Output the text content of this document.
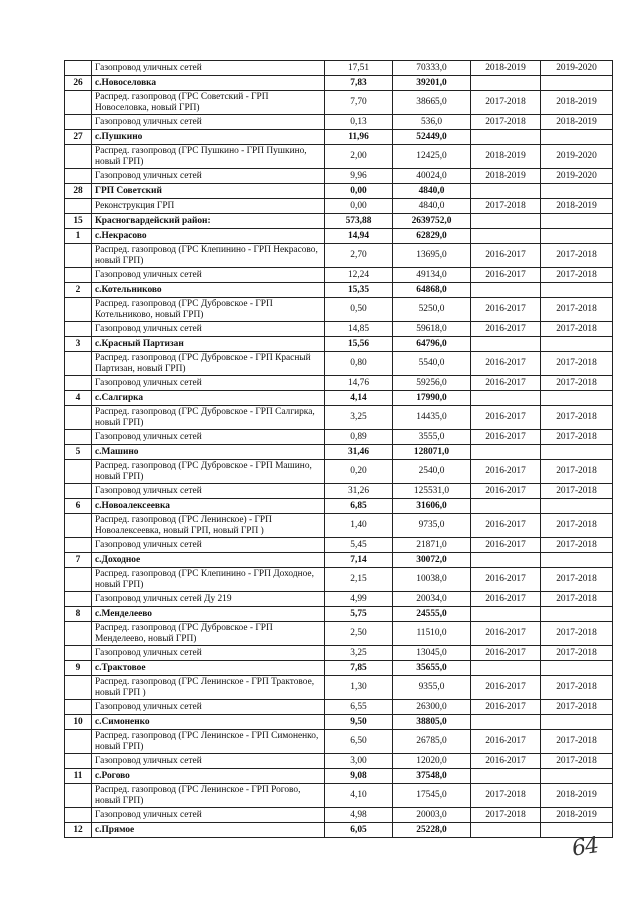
	Газопровод уличных сетей	17,51	70333,0	2018-2019	2019-2020
26	с.Новоселовка	7,83	39201,0		
	Распред. газопровод (ГРС Советский - ГРП Новоселовка, новый ГРП)	7,70	38665,0	2017-2018	2018-2019
	Газопровод уличных сетей	0,13	536,0	2017-2018	2018-2019
27	с.Пушкино	11,96	52449,0		
	Распред. газопровод (ГРС Пушкино - ГРП Пушкино, новый ГРП)	2,00	12425,0	2018-2019	2019-2020
	Газопровод уличных сетей	9,96	40024,0	2018-2019	2019-2020
28	ГРП Советский	0,00	4840,0		
	Реконструкция ГРП	0,00	4840,0	2017-2018	2018-2019
15	Красногвардейский район:	573,88	2639752,0		
1	с.Некрасово	14,94	62829,0		
	Распред. газопровод (ГРС Клепинино - ГРП Некрасово, новый ГРП)	2,70	13695,0	2016-2017	2017-2018
	Газопровод уличных сетей	12,24	49134,0	2016-2017	2017-2018
2	с.Котельниково	15,35	64868,0		
	Распред. газопровод (ГРС Дубровское - ГРП Котельниково, новый ГРП)	0,50	5250,0	2016-2017	2017-2018
	Газопровод уличных сетей	14,85	59618,0	2016-2017	2017-2018
3	с.Красный Партизан	15,56	64796,0		
	Распред. газопровод (ГРС Дубровское - ГРП Красный Партизан, новый ГРП)	0,80	5540,0	2016-2017	2017-2018
	Газопровод уличных сетей	14,76	59256,0	2016-2017	2017-2018
4	с.Салгирка	4,14	17990,0		
	Распред. газопровод (ГРС Дубровское - ГРП Салгирка, новый ГРП)	3,25	14435,0	2016-2017	2017-2018
	Газопровод уличных сетей	0,89	3555,0	2016-2017	2017-2018
5	с.Машино	31,46	128071,0		
	Распред. газопровод (ГРС Дубровское - ГРП Машино, новый ГРП)	0,20	2540,0	2016-2017	2017-2018
	Газопровод уличных сетей	31,26	125531,0	2016-2017	2017-2018
6	с.Новоалексеевка	6,85	31606,0		
	Распред. газопровод (ГРС Ленинское) - ГРП Новоалексеевка, новый ГРП, новый ГРП )	1,40	9735,0	2016-2017	2017-2018
	Газопровод уличных сетей	5,45	21871,0	2016-2017	2017-2018
7	с.Доходное	7,14	30072,0		
	Распред. газопровод (ГРС Клепинино - ГРП Доходное, новый ГРП)	2,15	10038,0	2016-2017	2017-2018
	Газопровод уличных сетей Ду 219	4,99	20034,0	2016-2017	2017-2018
8	с.Менделеево	5,75	24555,0		
	Распред. газопровод (ГРС Дубровское - ГРП Менделеево, новый ГРП)	2,50	11510,0	2016-2017	2017-2018
	Газопровод уличных сетей	3,25	13045,0	2016-2017	2017-2018
9	с.Трактовое	7,85	35655,0		
	Распред. газопровод (ГРС Ленинское - ГРП Трактовое, новый ГРП )	1,30	9355,0	2016-2017	2017-2018
	Газопровод уличных сетей	6,55	26300,0	2016-2017	2017-2018
10	с.Симоненко	9,50	38805,0		
	Распред. газопровод (ГРС Ленинское - ГРП Симоненко, новый ГРП)	6,50	26785,0	2016-2017	2017-2018
	Газопровод уличных сетей	3,00	12020,0	2016-2017	2017-2018
11	с.Рогово	9,08	37548,0		
	Распред. газопровод (ГРС Ленинское - ГРП Рогово, новый ГРП)	4,10	17545,0	2017-2018	2018-2019
	Газопровод уличных сетей	4,98	20003,0	2017-2018	2018-2019
12	с.Прямое	6,05	25228,0		
64
